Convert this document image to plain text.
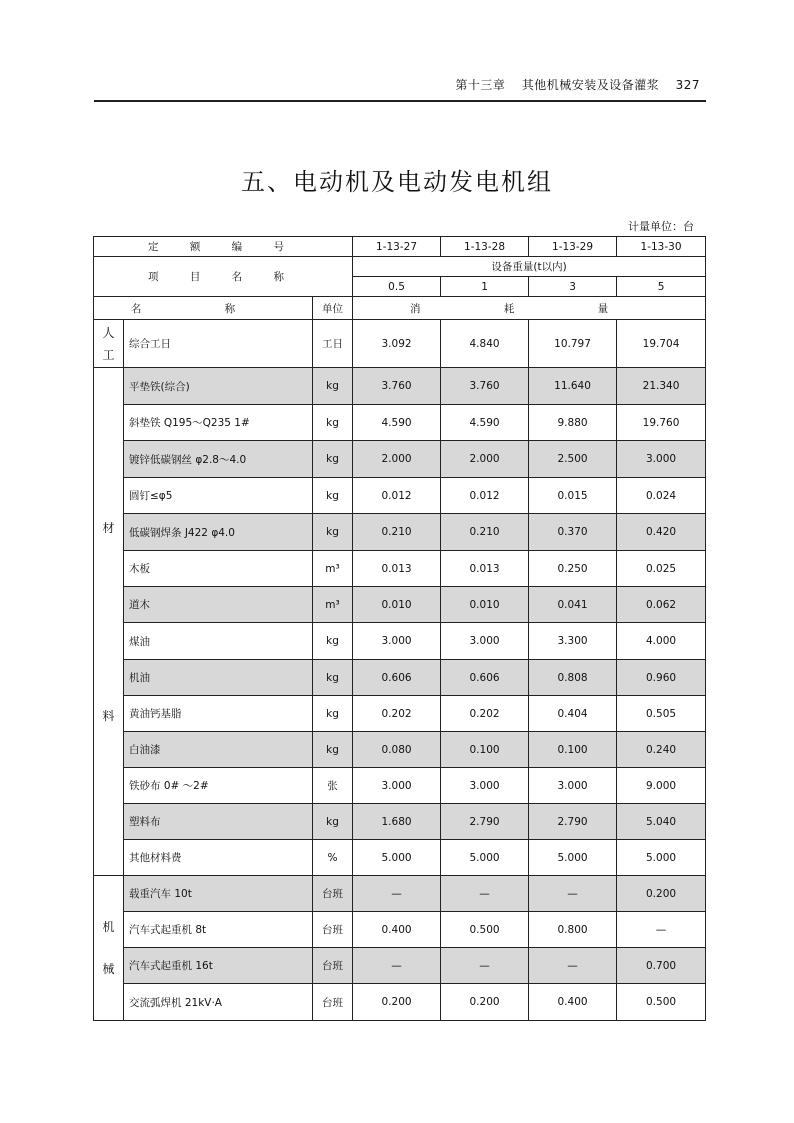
第十三章 其他机械安装及设备灌浆 327
五、电动机及电动发电机组
计量单位：台
定 额 编 号			1-13-27	1-13-28	1-13-29	1-13-30
项 目 名 称			设备重量(t以内)			
			0.5	1	3	5
名 称		单位	消 耗 量			

人
工	综合工日	工日	3.092	4.840	10.797	19.704

材
料	平垫铁(综合)	kg	3.760	3.760	11.640	21.340
	斜垫铁 Q195～Q235 1#	kg	4.590	4.590	9.880	19.760
	镀锌低碳钢丝 φ2.8～4.0	kg	2.000	2.000	2.500	3.000
	圆钉≤φ5	kg	0.012	0.012	0.015	0.024
	低碳钢焊条 J422 φ4.0	kg	0.210	0.210	0.370	0.420
	木板	m³	0.013	0.013	0.250	0.025
	道木	m³	0.010	0.010	0.041	0.062
	煤油	kg	3.000	3.000	3.300	4.000
	机油	kg	0.606	0.606	0.808	0.960
	黄油钙基脂	kg	0.202	0.202	0.404	0.505
	白油漆	kg	0.080	0.100	0.100	0.240
	铁砂布 0# ～2#	张	3.000	3.000	3.000	9.000
	塑料布	kg	1.680	2.790	2.790	5.040
	其他材料费	%	5.000	5.000	5.000	5.000

机
械	载重汽车 10t	台班	—	—	—	0.200
	汽车式起重机 8t	台班	0.400	0.500	0.800	—
	汽车式起重机 16t	台班	—	—	—	0.700
	交流弧焊机 21kV·A	台班	0.200	0.200	0.400	0.500
